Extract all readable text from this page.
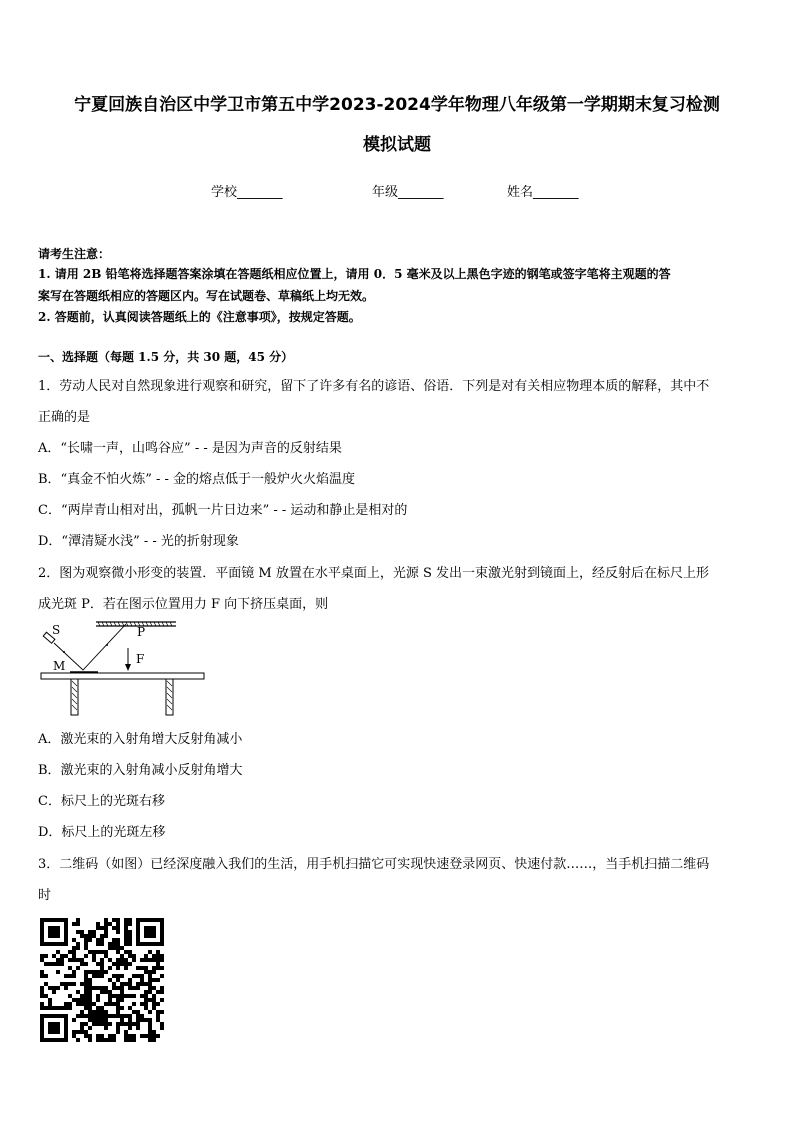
宁夏回族自治区中学卫市第五中学2023-2024学年物理八年级第一学期期末复习检测
模拟试题
学校_______	年级_______	姓名_______
请考生注意：
1. 请用 2B 铅笔将选择题答案涂填在答题纸相应位置上，请用 0．5 毫米及以上黑色字迹的钢笔或签字笔将主观题的答
案写在答题纸相应的答题区内。写在试题卷、草稿纸上均无效。
2. 答题前，认真阅读答题纸上的《注意事项》，按规定答题。
一、选择题（每题 1.5 分，共 30 题，45 分）
1．劳动人民对自然现象进行观察和研究，留下了许多有名的谚语、俗语．下列是对有关相应物理本质的解释，其中不
正确的是
A．“长啸一声，山鸣谷应” - - 是因为声音的反射结果
B．“真金不怕火炼” - - 金的熔点低于一般炉火火焰温度
C．“两岸青山相对出，孤帆一片日边来” - - 运动和静止是相对的
D．“潭清疑水浅” - - 光的折射现象
2．图为观察微小形变的装置．平面镜 M 放置在水平桌面上，光源 S 发出一束激光射到镜面上，经反射后在标尺上形
成光斑 P．若在图示位置用力 F 向下挤压桌面，则
S	P
M	F
A．激光束的入射角增大反射角减小
B．激光束的入射角减小反射角增大
C．标尺上的光斑右移
D．标尺上的光斑左移
3．二维码（如图）已经深度融入我们的生活，用手机扫描它可实现快速登录网页、快速付款……，当手机扫描二维码
时
